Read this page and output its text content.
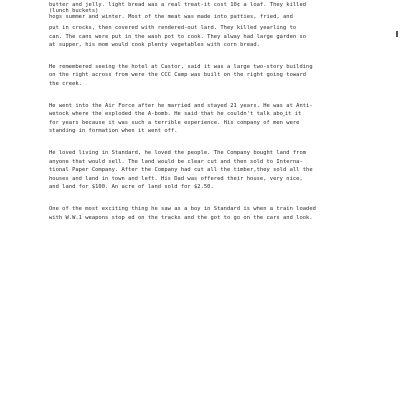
butter and jelly. light bread was a real treat-it cost 10¢ a loaf. They killed
(lunch buckets)
hogs summer and winter. Most of the meat was made into patties, fried, and
put in crocks, then covered with rendered-out lard. They killed yearling to
can. The cans were put in the wash pot to cook. They alway had large garden so
at supper, his mom would cook plenty vegetables with corn bread.
He remembered seeing the hotel at Castor, said it was a large two-story building
on the right across from were the CCC Camp was built on the right going toward
the creek.
He went into the Air Force after he married and stayed 21 years. He was at Anti-
wetock where the exploded the A-bomb. He said that he couldn't talk abo‸it it
for years because it was such a terrible experience. His company of men were
standing in formation when it went off.
He loved living in Standard, he loved the people. The Company bought land from
anyone that would sell. The land would be clear cut and then sold to Interna-
tional Paper Company. After the Company had cut all the timber,they sold all the
houses and land in town and left. His Dad was offered their house, very nice,
and land for $100. An acre of land sold for $2.50.
One of the most exciting thing he saw as a boy in Standard is when a train loaded
with W.W.1 weapons stop ed on the tracks and the got to go on the cars and look.
